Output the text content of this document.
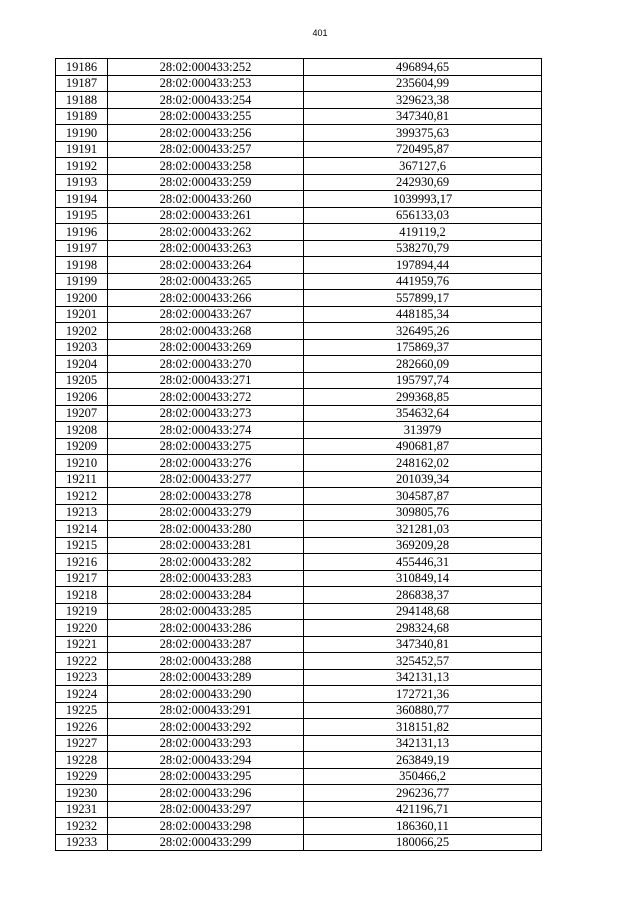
401
19186	28:02:000433:252	496894,65
19187	28:02:000433:253	235604,99
19188	28:02:000433:254	329623,38
19189	28:02:000433:255	347340,81
19190	28:02:000433:256	399375,63
19191	28:02:000433:257	720495,87
19192	28:02:000433:258	367127,6
19193	28:02:000433:259	242930,69
19194	28:02:000433:260	1039993,17
19195	28:02:000433:261	656133,03
19196	28:02:000433:262	419119,2
19197	28:02:000433:263	538270,79
19198	28:02:000433:264	197894,44
19199	28:02:000433:265	441959,76
19200	28:02:000433:266	557899,17
19201	28:02:000433:267	448185,34
19202	28:02:000433:268	326495,26
19203	28:02:000433:269	175869,37
19204	28:02:000433:270	282660,09
19205	28:02:000433:271	195797,74
19206	28:02:000433:272	299368,85
19207	28:02:000433:273	354632,64
19208	28:02:000433:274	313979
19209	28:02:000433:275	490681,87
19210	28:02:000433:276	248162,02
19211	28:02:000433:277	201039,34
19212	28:02:000433:278	304587,87
19213	28:02:000433:279	309805,76
19214	28:02:000433:280	321281,03
19215	28:02:000433:281	369209,28
19216	28:02:000433:282	455446,31
19217	28:02:000433:283	310849,14
19218	28:02:000433:284	286838,37
19219	28:02:000433:285	294148,68
19220	28:02:000433:286	298324,68
19221	28:02:000433:287	347340,81
19222	28:02:000433:288	325452,57
19223	28:02:000433:289	342131,13
19224	28:02:000433:290	172721,36
19225	28:02:000433:291	360880,77
19226	28:02:000433:292	318151,82
19227	28:02:000433:293	342131,13
19228	28:02:000433:294	263849,19
19229	28:02:000433:295	350466,2
19230	28:02:000433:296	296236,77
19231	28:02:000433:297	421196,71
19232	28:02:000433:298	186360,11
19233	28:02:000433:299	180066,25
